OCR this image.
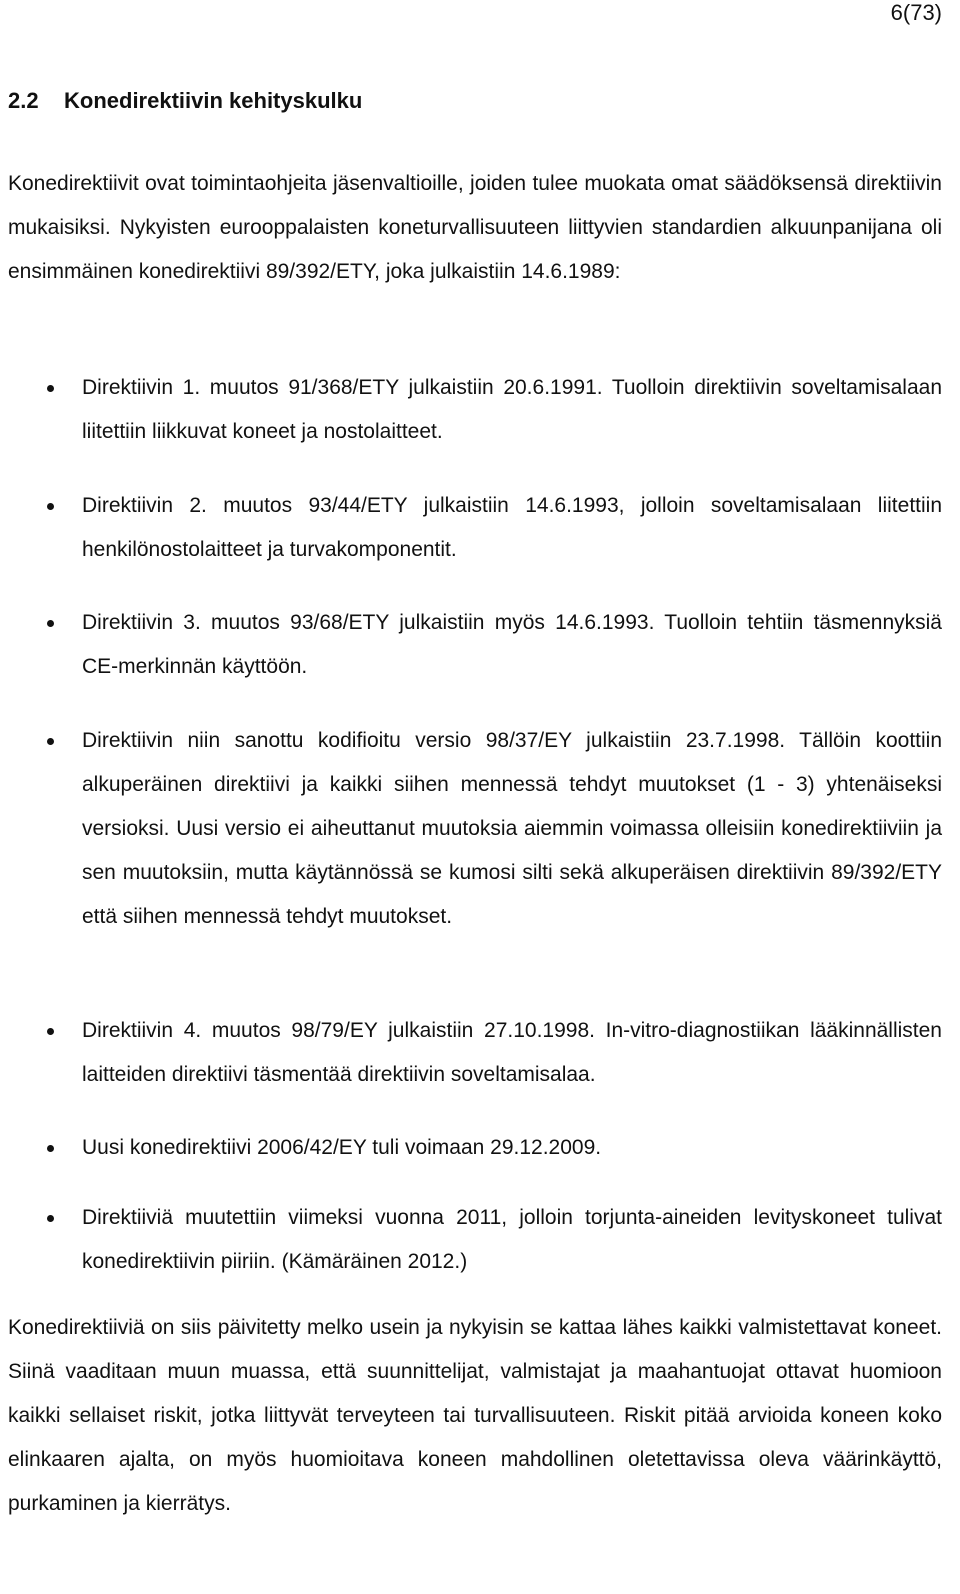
6(73)
2.2 Konedirektiivin kehityskulku

Konedirektiivit ovat toimintaohjeita jäsenvaltioille, joiden tulee muokata omat säädöksensä direktiivin mukaisiksi. Nykyisten eurooppalaisten koneturvallisuuteen liittyvien standardien alkuunpanijana oli ensimmäinen konedirektiivi 89/392/ETY, joka julkaistiin 14.6.1989:

Direktiivin 1. muutos 91/368/ETY julkaistiin 20.6.1991. Tuolloin direktiivin soveltamisalaan liitettiin liikkuvat koneet ja nostolaitteet.
Direktiivin 2. muutos 93/44/ETY julkaistiin 14.6.1993, jolloin soveltamisalaan liitettiin henkilönostolaitteet ja turvakomponentit.
Direktiivin 3. muutos 93/68/ETY julkaistiin myös 14.6.1993. Tuolloin tehtiin täsmennyksiä CE-merkinnän käyttöön.
Direktiivin niin sanottu kodifioitu versio 98/37/EY julkaistiin 23.7.1998. Tällöin koottiin alkuperäinen direktiivi ja kaikki siihen mennessä tehdyt muutokset (1 - 3) yhtenäiseksi versioksi. Uusi versio ei aiheuttanut muutoksia aiemmin voimassa olleisiin konedirektiiviin ja sen muutoksiin, mutta käytännössä se kumosi silti sekä alkuperäisen direktiivin 89/392/ETY että siihen mennessä tehdyt muutokset.
Direktiivin 4. muutos 98/79/EY julkaistiin 27.10.1998. In-vitro-diagnostiikan lääkinnällisten laitteiden direktiivi täsmentää direktiivin soveltamisalaa.
Uusi konedirektiivi 2006/42/EY tuli voimaan 29.12.2009.
Direktiiviä muutettiin viimeksi vuonna 2011, jolloin torjunta-aineiden levityskoneet tulivat konedirektiivin piiriin. (Kämäräinen 2012.)

Konedirektiiviä on siis päivitetty melko usein ja nykyisin se kattaa lähes kaikki valmistettavat koneet. Siinä vaaditaan muun muassa, että suunnittelijat, valmistajat ja maahantuojat ottavat huomioon kaikki sellaiset riskit, jotka liittyvät terveyteen tai turvallisuuteen. Riskit pitää arvioida koneen koko elinkaaren ajalta, on myös huomioitava koneen mahdollinen oletettavissa oleva väärinkäyttö, purkaminen ja kierrätys.
